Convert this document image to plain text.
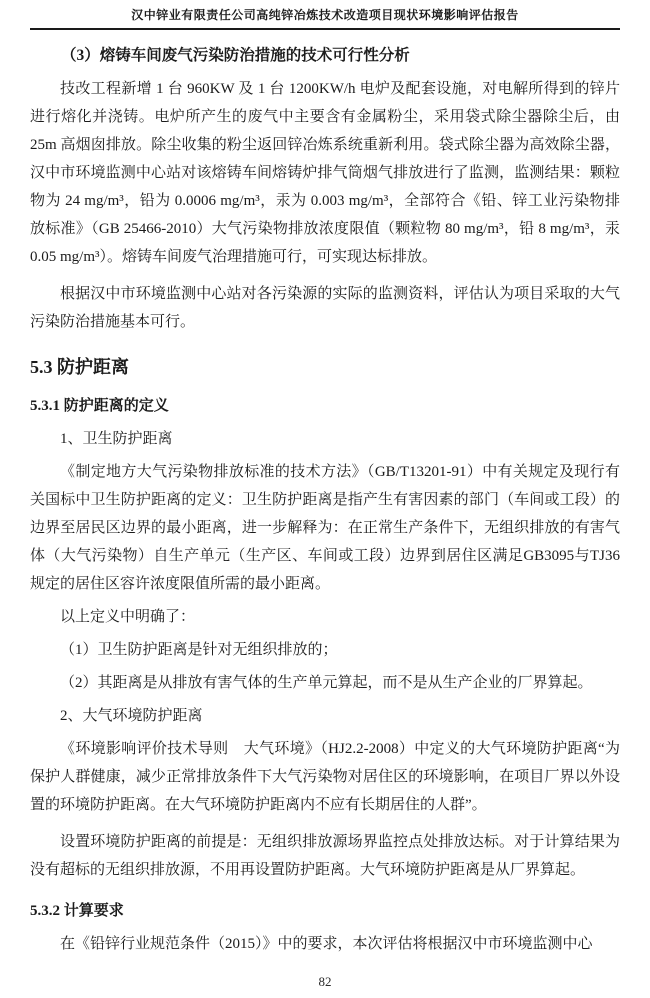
汉中锌业有限责任公司高纯锌冶炼技术改造项目现状环境影响评估报告

（3）熔铸车间废气污染防治措施的技术可行性分析

技改工程新增 1 台 960KW 及 1 台 1200KW/h 电炉及配套设施，对电解所得到的锌片进行熔化并浇铸。电炉所产生的废气中主要含有金属粉尘，采用袋式除尘器除尘后，由 25m 高烟囱排放。除尘收集的粉尘返回锌冶炼系统重新利用。袋式除尘器为高效除尘器，汉中市环境监测中心站对该熔铸车间熔铸炉排气筒烟气排放进行了监测，监测结果：颗粒物为 24 mg/m³，铅为 0.0006 mg/m³，汞为 0.003 mg/m³，全部符合《铅、锌工业污染物排放标准》（GB 25466-2010）大气污染物排放浓度限值（颗粒物 80 mg/m³，铅 8 mg/m³，汞 0.05 mg/m³）。熔铸车间废气治理措施可行，可实现达标排放。

根据汉中市环境监测中心站对各污染源的实际的监测资料，评估认为项目采取的大气污染防治措施基本可行。

5.3 防护距离
5.3.1 防护距离的定义

1、卫生防护距离

《制定地方大气污染物排放标准的技术方法》（GB/T13201-91）中有关规定及现行有关国标中卫生防护距离的定义：卫生防护距离是指产生有害因素的部门（车间或工段）的边界至居民区边界的最小距离，进一步解释为：在正常生产条件下，无组织排放的有害气体（大气污染物）自生产单元（生产区、车间或工段）边界到居住区满足GB3095与TJ36规定的居住区容许浓度限值所需的最小距离。

以上定义中明确了：

（1）卫生防护距离是针对无组织排放的；

（2）其距离是从排放有害气体的生产单元算起，而不是从生产企业的厂界算起。

2、大气环境防护距离

《环境影响评价技术导则　大气环境》（HJ2.2-2008）中定义的大气环境防护距离“为保护人群健康，减少正常排放条件下大气污染物对居住区的环境影响，在项目厂界以外设置的环境防护距离。在大气环境防护距离内不应有长期居住的人群”。

设置环境防护距离的前提是：无组织排放源场界监控点处排放达标。对于计算结果为没有超标的无组织排放源，不用再设置防护距离。大气环境防护距离是从厂界算起。

5.3.2 计算要求

在《铅锌行业规范条件（2015）》中的要求，本次评估将根据汉中市环境监测中心

82
